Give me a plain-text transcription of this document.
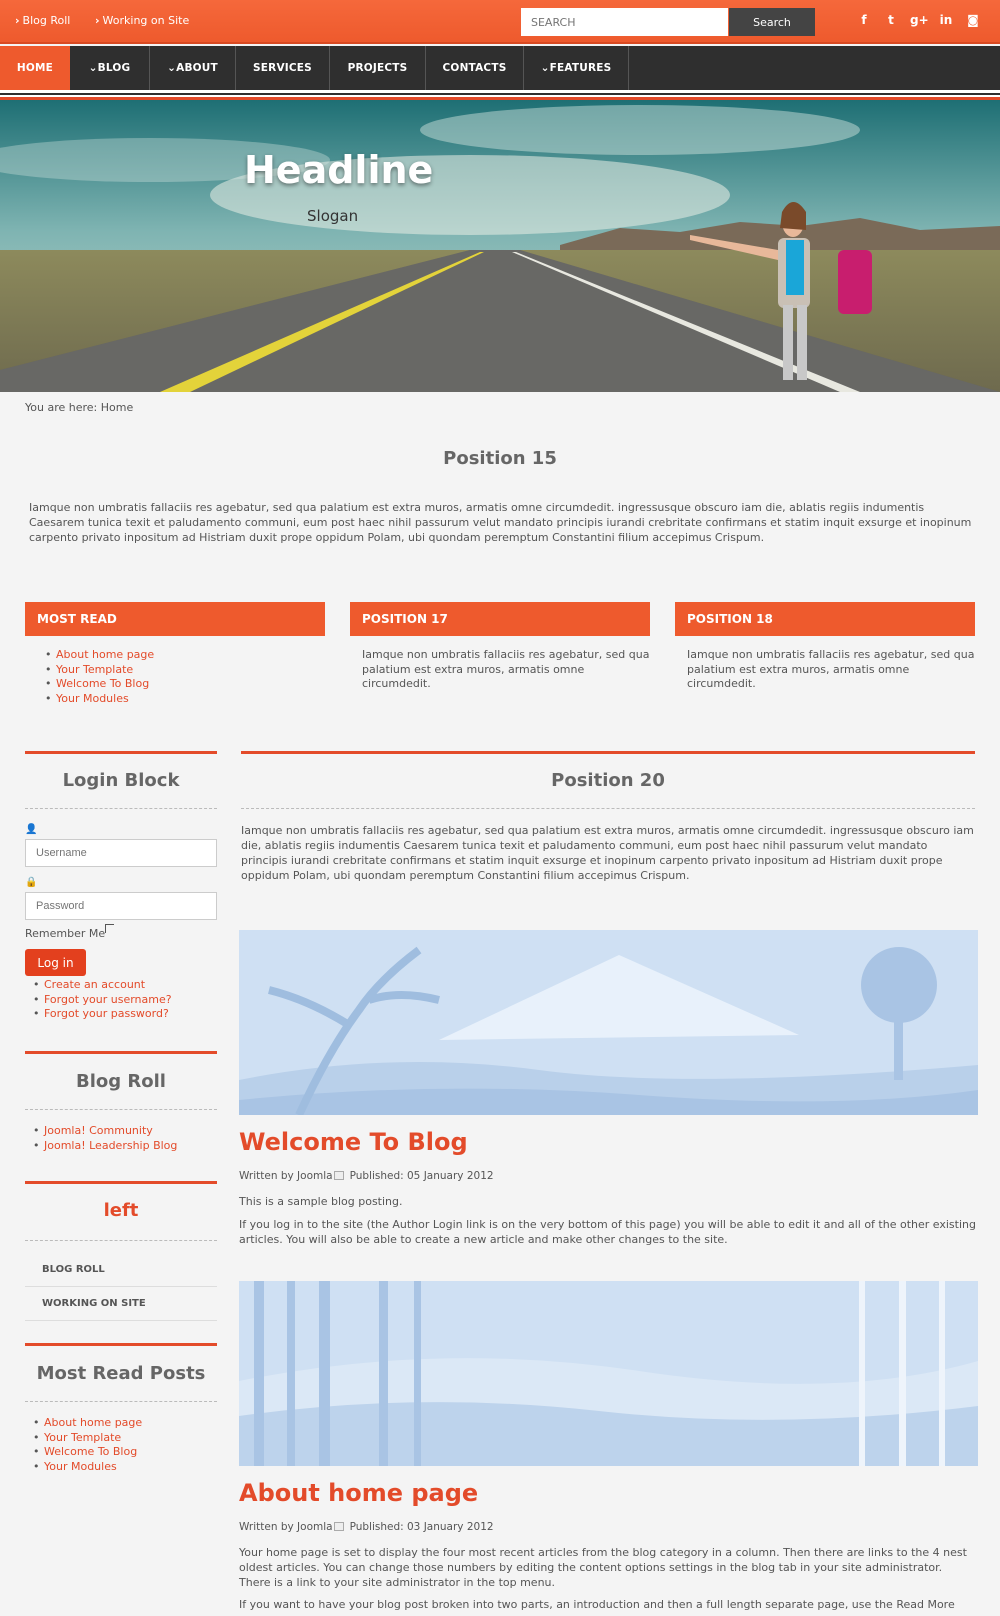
› Blog Roll › Working on Site
SEARCH	Search	f	t	g+ in ◙
HOME	⌄BLOG	⌄ABOUT	SERVICES	PROJECTS	CONTACTS	⌄FEATURES
Headline
Slogan
You are here: Home
Position 15
Iamque non umbratis fallaciis res agebatur, sed qua palatium est extra muros, armatis omne circumdedit. ingressusque obscuro iam die, ablatis regiis indumentis Caesarem tunica texit et paludamento communi, eum post haec nihil passurum velut mandato principis iurandi crebritate confirmans et statim inquit exsurge et inopinum carpento privato inpositum ad Histriam duxit prope oppidum Polam, ubi quondam peremptum Constantini filium accepimus Crispum.
MOST READ
• About home page
• Your Template
• Welcome To Blog
• Your Modules
POSITION 17
Iamque non umbratis fallaciis res agebatur, sed qua palatium est extra muros, armatis omne circumdedit.
POSITION 18
Iamque non umbratis fallaciis res agebatur, sed qua palatium est extra muros, armatis omne circumdedit.
Login Block
👤
Username
🔒
Remember Me
Log in
• Create an account
• Forgot your username?
• Forgot your password?
Blog Roll
• Joomla! Community
• Joomla! Leadership Blog
left
BLOG ROLL
WORKING ON SITE
Most Read Posts
• About home page
• Your Template
• Welcome To Blog
• Your Modules
Position 20
Iamque non umbratis fallaciis res agebatur, sed qua palatium est extra muros, armatis omne circumdedit. ingressusque obscuro iam die, ablatis regiis indumentis Caesarem tunica texit et paludamento communi, eum post haec nihil passurum velut mandato principis iurandi crebritate confirmans et statim inquit exsurge et inopinum carpento privato inpositum ad Histriam duxit prope oppidum Polam, ubi quondam peremptum Constantini filium accepimus Crispum.
Welcome To Blog
Written by Joomla Published: 05 January 2012
This is a sample blog posting.
If you log in to the site (the Author Login link is on the very bottom of this page) you will be able to edit it and all of the other existing articles. You will also be able to create a new article and make other changes to the site.
About home page
Written by Joomla Published: 03 January 2012
Your home page is set to display the four most recent articles from the blog category in a column. Then there are links to the 4 nest oldest articles. You can change those numbers by editing the content options settings in the blog tab in your site administrator. There is a link to your site administrator in the top menu.
If you want to have your blog post broken into two parts, an introduction and then a full length separate page, use the Read More
